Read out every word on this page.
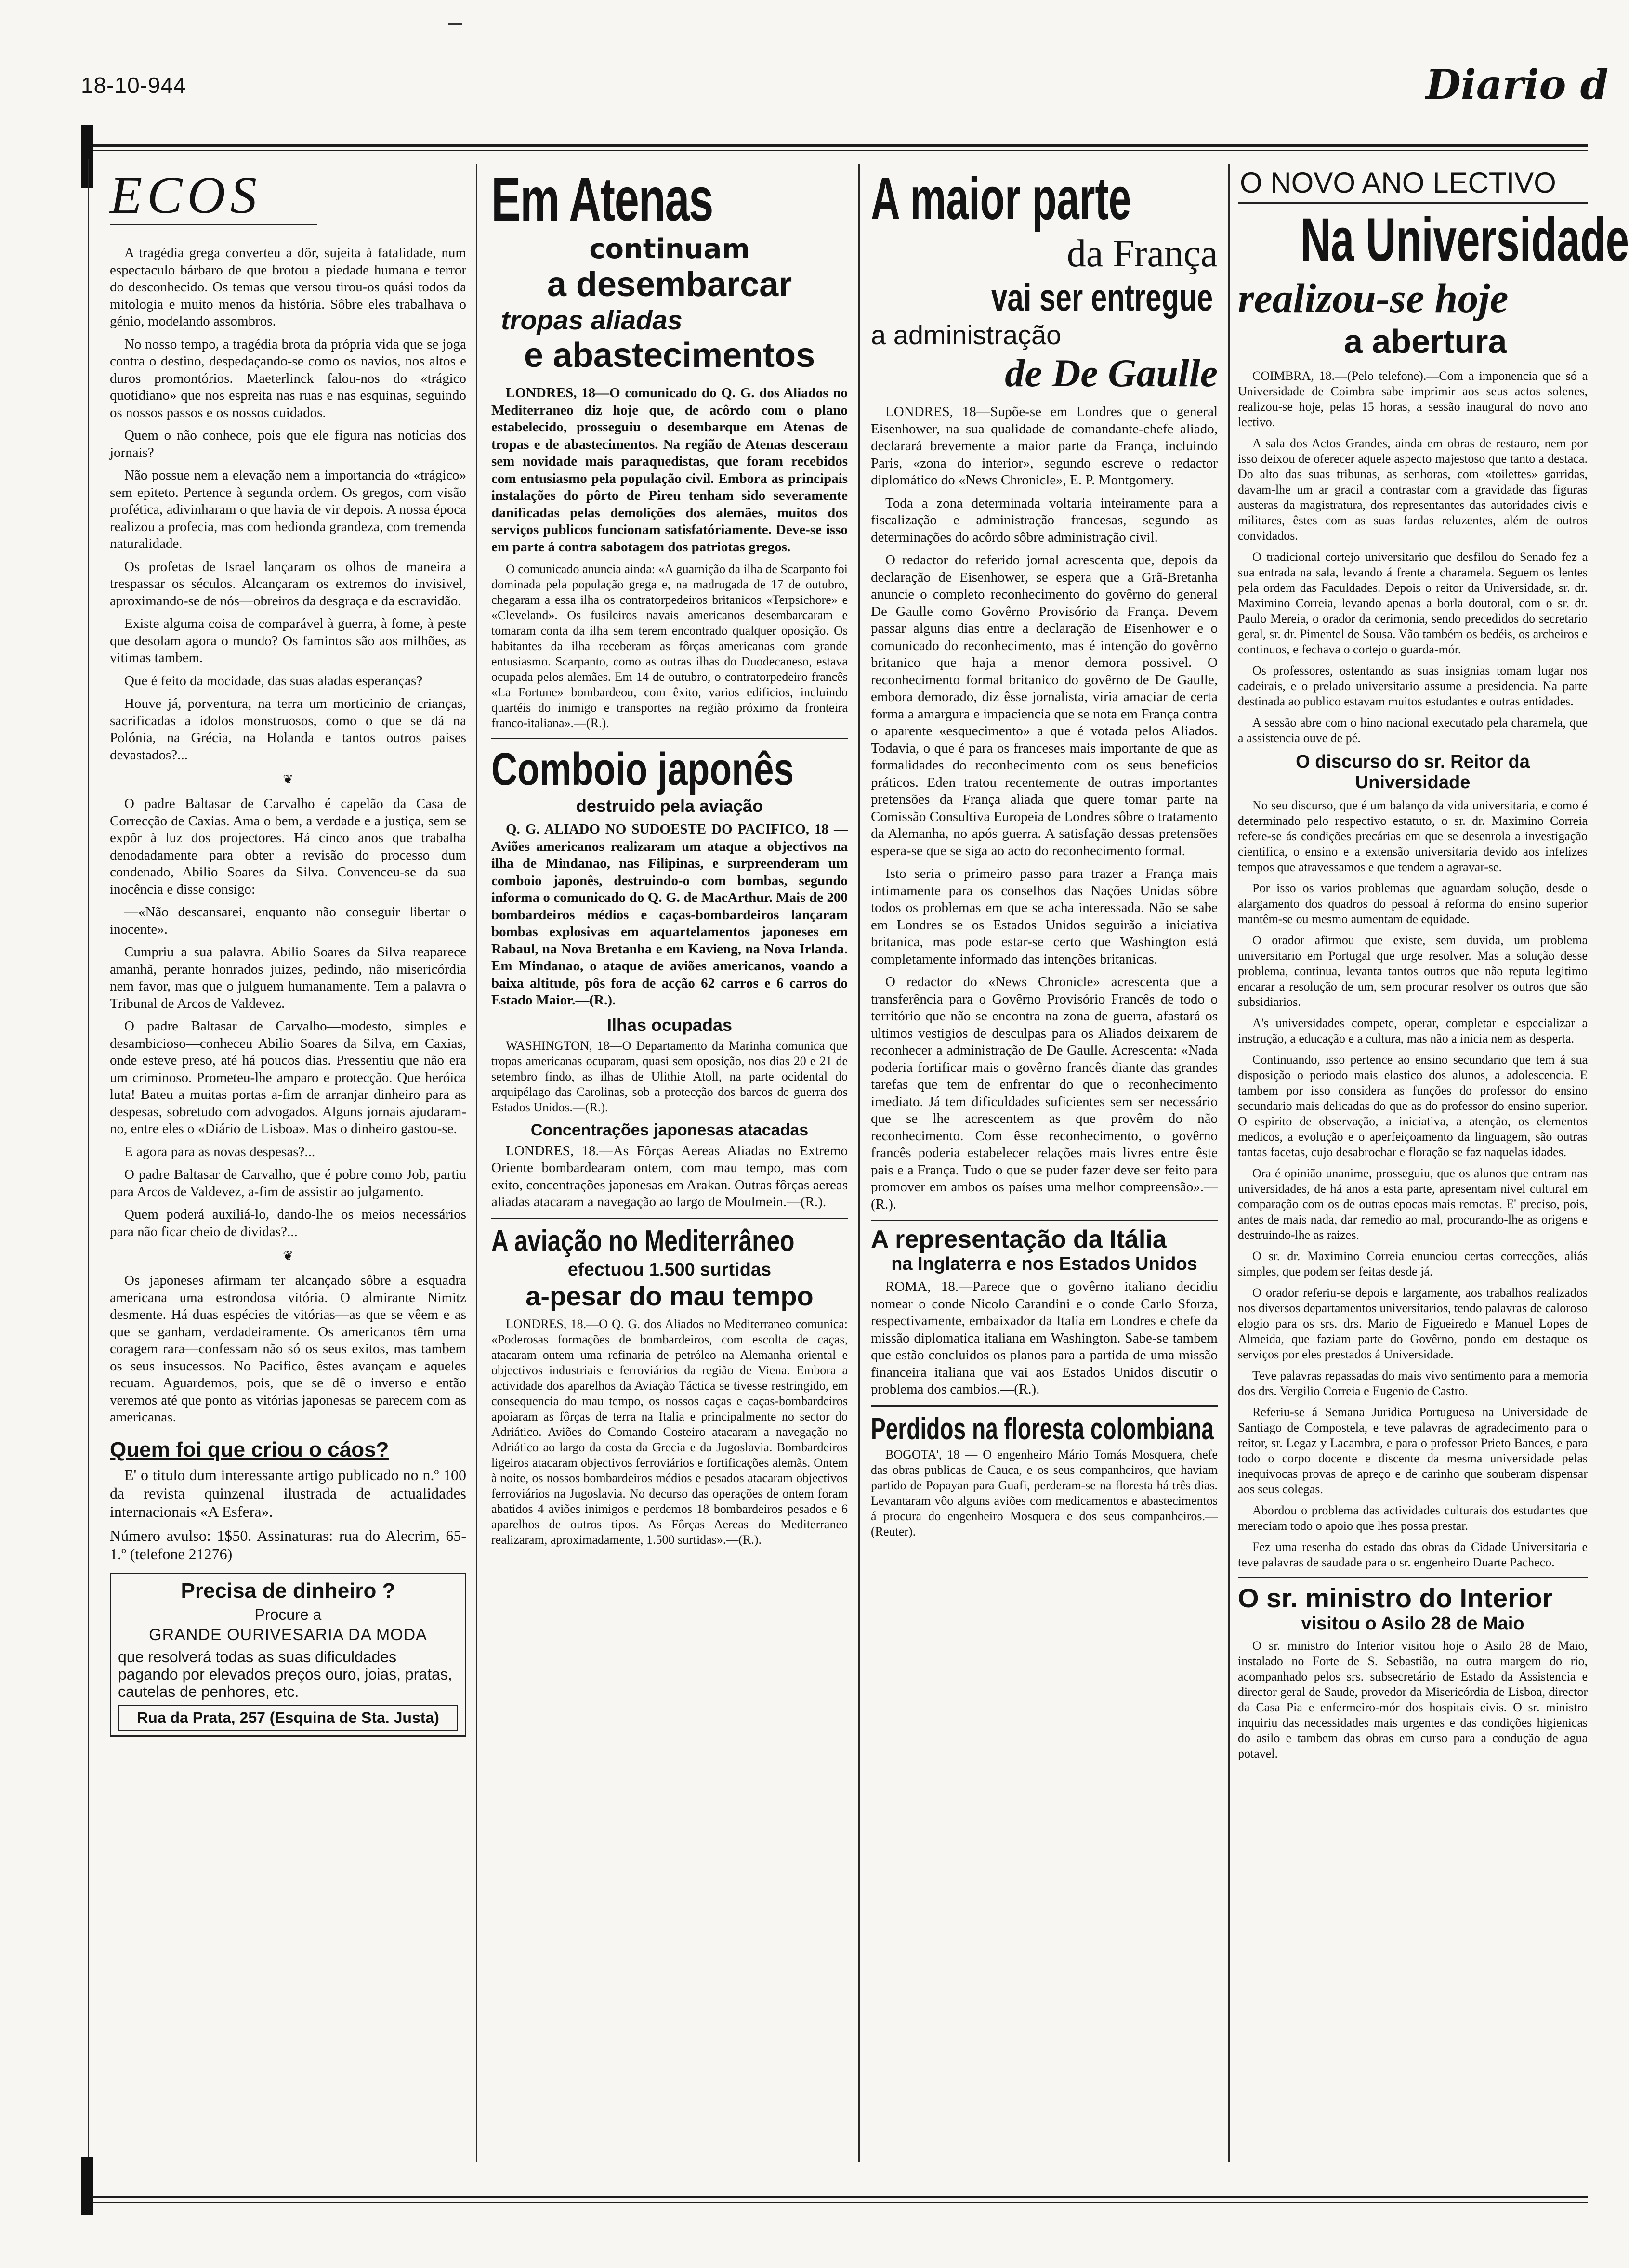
18-10-944	Diario d
ECOS

A tragédia grega converteu a dôr, sujeita à fatalidade, num espectaculo bárbaro de que brotou a piedade humana e terror do desconhecido. Os temas que versou tirou-os quási todos da mitologia e muito menos da história. Sôbre eles trabalhava o génio, modelando assombros.

No nosso tempo, a tragédia brota da própria vida que se joga contra o destino, despedaçando-se como os navios, nos altos e duros promontórios. Maeterlinck falou-nos do «trágico quotidiano» que nos espreita nas ruas e nas esquinas, seguindo os nossos passos e os nossos cuidados.

Quem o não conhece, pois que ele figura nas noticias dos jornais?

Não possue nem a elevação nem a importancia do «trágico» sem epiteto. Pertence à segunda ordem. Os gregos, com visão profética, adivinharam o que havia de vir depois. A nossa época realizou a profecia, mas com hedionda grandeza, com tremenda naturalidade.

Os profetas de Israel lançaram os olhos de maneira a trespassar os séculos. Alcançaram os extremos do invisivel, aproximando-se de nós—obreiros da desgraça e da escravidão.

Existe alguma coisa de comparável à guerra, à fome, à peste que desolam agora o mundo? Os famintos são aos milhões, as vitimas tambem.

Que é feito da mocidade, das suas aladas esperanças?

Houve já, porventura, na terra um morticinio de crianças, sacrificadas a idolos monstruosos, como o que se dá na Polónia, na Grécia, na Holanda e tantos outros paises devastados?...

❦

O padre Baltasar de Carvalho é capelão da Casa de Correcção de Caxias. Ama o bem, a verdade e a justiça, sem se expôr à luz dos projectores. Há cinco anos que trabalha denodadamente para obter a revisão do processo dum condenado, Abilio Soares da Silva. Convenceu-se da sua inocência e disse consigo:

—«Não descansarei, enquanto não conseguir libertar o inocente».

Cumpriu a sua palavra. Abilio Soares da Silva reaparece amanhã, perante honrados juizes, pedindo, não misericórdia nem favor, mas que o julguem humanamente. Tem a palavra o Tribunal de Arcos de Valdevez.

O padre Baltasar de Carvalho—modesto, simples e desambicioso—conheceu Abilio Soares da Silva, em Caxias, onde esteve preso, até há poucos dias. Pressentiu que não era um criminoso. Prometeu-lhe amparo e protecção. Que heróica luta! Bateu a muitas portas a-fim de arranjar dinheiro para as despesas, sobretudo com advogados. Alguns jornais ajudaram-no, entre eles o «Diário de Lisboa». Mas o dinheiro gastou-se.

E agora para as novas despesas?...

O padre Baltasar de Carvalho, que é pobre como Job, partiu para Arcos de Valdevez, a-fim de assistir ao julgamento.

Quem poderá auxiliá-lo, dando-lhe os meios necessários para não ficar cheio de dividas?...

❦

Os japoneses afirmam ter alcançado sôbre a esquadra americana uma estrondosa vitória. O almirante Nimitz desmente. Há duas espécies de vitórias—as que se vêem e as que se ganham, verdadeiramente. Os americanos têm uma coragem rara—confessam não só os seus exitos, mas tambem os seus insucessos. No Pacifico, êstes avançam e aqueles recuam. Aguardemos, pois, que se dê o inverso e então veremos até que ponto as vitórias japonesas se parecem com as americanas.

Quem foi que criou o cáos?

E' o titulo dum interessante artigo publicado no n.º 100 da revista quinzenal ilustrada de actualidades internacionais «A Esfera».

Número avulso: 1$50. Assinaturas: rua do Alecrim, 65-1.º (telefone 21276)

Precisa de dinheiro ?
Procure a
GRANDE OURIVESARIA DA MODA
que resolverá todas as suas dificuldades pagando por elevados preços ouro, joias, pratas, cautelas de penhores, etc.
Rua da Prata, 257 (Esquina de Sta. Justa)
Em Atenas
continuam
a desembarcar
tropas aliadas
e abastecimentos

LONDRES, 18—O comunicado do Q. G. dos Aliados no Mediterraneo diz hoje que, de acôrdo com o plano estabelecido, prosseguiu o desembarque em Atenas de tropas e de abastecimentos. Na região de Atenas desceram sem novidade mais paraquedistas, que foram recebidos com entusiasmo pela população civil. Embora as principais instalações do pôrto de Pireu tenham sido severamente danificadas pelas demolições dos alemães, muitos dos serviços publicos funcionam satisfatóriamente. Deve-se isso em parte á contra sabotagem dos patriotas gregos.

O comunicado anuncia ainda: «A guarnição da ilha de Scarpanto foi dominada pela população grega e, na madrugada de 17 de outubro, chegaram a essa ilha os contratorpedeiros britanicos «Terpsichore» e «Cleveland». Os fusileiros navais americanos desembarcaram e tomaram conta da ilha sem terem encontrado qualquer oposição. Os habitantes da ilha receberam as fôrças americanas com grande entusiasmo. Scarpanto, como as outras ilhas do Duodecaneso, estava ocupada pelos alemães. Em 14 de outubro, o contratorpedeiro francês «La Fortune» bombardeou, com êxito, varios edificios, incluindo quartéis do inimigo e transportes na região próximo da fronteira franco-italiana».—(R.).

Comboio japonês
destruido pela aviação

Q. G. ALIADO NO SUDOESTE DO PACIFICO, 18 — Aviões americanos realizaram um ataque a objectivos na ilha de Mindanao, nas Filipinas, e surpreenderam um comboio japonês, destruindo-o com bombas, segundo informa o comunicado do Q. G. de MacArthur. Mais de 200 bombardeiros médios e caças-bombardeiros lançaram bombas explosivas em aquartelamentos japoneses em Rabaul, na Nova Bretanha e em Kavieng, na Nova Irlanda. Em Mindanao, o ataque de aviões americanos, voando a baixa altitude, pôs fora de acção 62 carros e 6 carros do Estado Maior.—(R.).

Ilhas ocupadas

WASHINGTON, 18—O Departamento da Marinha comunica que tropas americanas ocuparam, quasi sem oposição, nos dias 20 e 21 de setembro findo, as ilhas de Ulithie Atoll, na parte ocidental do arquipélago das Carolinas, sob a protecção dos barcos de guerra dos Estados Unidos.—(R.).

Concentrações japonesas atacadas

LONDRES, 18.—As Fôrças Aereas Aliadas no Extremo Oriente bombardearam ontem, com mau tempo, mas com exito, concentrações japonesas em Arakan. Outras fôrças aereas aliadas atacaram a navegação ao largo de Moulmein.—(R.).

A aviação no Mediterrâneo
efectuou 1.500 surtidas
a-pesar do mau tempo

LONDRES, 18.—O Q. G. dos Aliados no Mediterraneo comunica: «Poderosas formações de bombardeiros, com escolta de caças, atacaram ontem uma refinaria de petróleo na Alemanha oriental e objectivos industriais e ferroviários da região de Viena. Embora a actividade dos aparelhos da Aviação Táctica se tivesse restringido, em consequencia do mau tempo, os nossos caças e caças-bombardeiros apoiaram as fôrças de terra na Italia e principalmente no sector do Adriático. Aviões do Comando Costeiro atacaram a navegação no Adriático ao largo da costa da Grecia e da Jugoslavia. Bombardeiros ligeiros atacaram objectivos ferroviários e fortificações alemãs. Ontem à noite, os nossos bombardeiros médios e pesados atacaram objectivos ferroviários na Jugoslavia. No decurso das operações de ontem foram abatidos 4 aviões inimigos e perdemos 18 bombardeiros pesados e 6 aparelhos de outros tipos. As Fôrças Aereas do Mediterraneo realizaram, aproximadamente, 1.500 surtidas».—(R.).

A maior parte
da França
vai ser entregue
a administração
de De Gaulle

LONDRES, 18—Supõe-se em Londres que o general Eisenhower, na sua qualidade de comandante-chefe aliado, declarará brevemente a maior parte da França, incluindo Paris, «zona do interior», segundo escreve o redactor diplomático do «News Chronicle», E. P. Montgomery.

Toda a zona determinada voltaria inteiramente para a fiscalização e administração francesas, segundo as determinações do acôrdo sôbre administração civil.

O redactor do referido jornal acrescenta que, depois da declaração de Eisenhower, se espera que a Grã-Bretanha anuncie o completo reconhecimento do govêrno do general De Gaulle como Govêrno Provisório da França. Devem passar alguns dias entre a declaração de Eisenhower e o comunicado do reconhecimento, mas é intenção do govêrno britanico que haja a menor demora possivel. O reconhecimento formal britanico do govêrno de De Gaulle, embora demorado, diz êsse jornalista, viria amaciar de certa forma a amargura e impaciencia que se nota em França contra o aparente «esquecimento» a que é votada pelos Aliados. Todavia, o que é para os franceses mais importante de que as formalidades do reconhecimento com os seus beneficios práticos. Eden tratou recentemente de outras importantes pretensões da França aliada que quere tomar parte na Comissão Consultiva Europeia de Londres sôbre o tratamento da Alemanha, no após guerra. A satisfação dessas pretensões espera-se que se siga ao acto do reconhecimento formal.

Isto seria o primeiro passo para trazer a França mais intimamente para os conselhos das Nações Unidas sôbre todos os problemas em que se acha interessada. Não se sabe em Londres se os Estados Unidos seguirão a iniciativa britanica, mas pode estar-se certo que Washington está completamente informado das intenções britanicas.

O redactor do «News Chronicle» acrescenta que a transferência para o Govêrno Provisório Francês de todo o território que não se encontra na zona de guerra, afastará os ultimos vestigios de desculpas para os Aliados deixarem de reconhecer a administração de De Gaulle. Acrescenta: «Nada poderia fortificar mais o govêrno francês diante das grandes tarefas que tem de enfrentar do que o reconhecimento imediato. Já tem dificuldades suficientes sem ser necessário que se lhe acrescentem as que provêm do não reconhecimento. Com êsse reconhecimento, o govêrno francês poderia estabelecer relações mais livres entre êste pais e a França. Tudo o que se puder fazer deve ser feito para promover em ambos os países uma melhor compreensão».—(R.).

A representação da Itália
na Inglaterra e nos Estados Unidos

ROMA, 18.—Parece que o govêrno italiano decidiu nomear o conde Nicolo Carandini e o conde Carlo Sforza, respectivamente, embaixador da Italia em Londres e chefe da missão diplomatica italiana em Washington. Sabe-se tambem que estão concluidos os planos para a partida de uma missão financeira italiana que vai aos Estados Unidos discutir o problema dos cambios.—(R.).

Perdidos na floresta colombiana

BOGOTA', 18 — O engenheiro Mário Tomás Mosquera, chefe das obras publicas de Cauca, e os seus companheiros, que haviam partido de Popayan para Guafi, perderam-se na floresta há três dias. Levantaram vôo alguns aviões com medicamentos e abastecimentos á procura do engenheiro Mosquera e dos seus companheiros.—(Reuter).

O NOVO ANO LECTIVO
Na Universidade
realizou-se hoje
a abertura

COIMBRA, 18.—(Pelo telefone).—Com a imponencia que só a Universidade de Coimbra sabe imprimir aos seus actos solenes, realizou-se hoje, pelas 15 horas, a sessão inaugural do novo ano lectivo.

A sala dos Actos Grandes, ainda em obras de restauro, nem por isso deixou de oferecer aquele aspecto majestoso que tanto a destaca. Do alto das suas tribunas, as senhoras, com «toilettes» garridas, davam-lhe um ar gracil a contrastar com a gravidade das figuras austeras da magistratura, dos representantes das autoridades civis e militares, êstes com as suas fardas reluzentes, além de outros convidados.

O tradicional cortejo universitario que desfilou do Senado fez a sua entrada na sala, levando á frente a charamela. Seguem os lentes pela ordem das Faculdades. Depois o reitor da Universidade, sr. dr. Maximino Correia, levando apenas a borla doutoral, com o sr. dr. Paulo Mereia, o orador da cerimonia, sendo precedidos do secretario geral, sr. dr. Pimentel de Sousa. Vão também os bedéis, os archeiros e continuos, e fechava o cortejo o guarda-mór.

Os professores, ostentando as suas insignias tomam lugar nos cadeirais, e o prelado universitario assume a presidencia. Na parte destinada ao publico estavam muitos estudantes e outras entidades.

A sessão abre com o hino nacional executado pela charamela, que a assistencia ouve de pé.

O discurso do sr. Reitor da Universidade

No seu discurso, que é um balanço da vida universitaria, e como é determinado pelo respectivo estatuto, o sr. dr. Maximino Correia refere-se ás condições precárias em que se desenrola a investigação cientifica, o ensino e a extensão universitaria devido aos infelizes tempos que atravessamos e que tendem a agravar-se.

Por isso os varios problemas que aguardam solução, desde o alargamento dos quadros do pessoal á reforma do ensino superior mantêm-se ou mesmo aumentam de equidade.

O orador afirmou que existe, sem duvida, um problema universitario em Portugal que urge resolver. Mas a solução desse problema, continua, levanta tantos outros que não reputa legitimo encarar a resolução de um, sem procurar resolver os outros que são subsidiarios.

A's universidades compete, operar, completar e especializar a instrução, a educação e a cultura, mas não a inicia nem as desperta.

Continuando, isso pertence ao ensino secundario que tem á sua disposição o periodo mais elastico dos alunos, a adolescencia. E tambem por isso considera as funções do professor do ensino secundario mais delicadas do que as do professor do ensino superior. O espirito de observação, a iniciativa, a atenção, os elementos medicos, a evolução e o aperfeiçoamento da linguagem, são outras tantas facetas, cujo desabrochar e floração se faz naquelas idades.

Ora é opinião unanime, prosseguiu, que os alunos que entram nas universidades, de há anos a esta parte, apresentam nivel cultural em comparação com os de outras epocas mais remotas. E' preciso, pois, antes de mais nada, dar remedio ao mal, procurando-lhe as origens e destruindo-lhe as raizes.

O sr. dr. Maximino Correia enunciou certas correcções, aliás simples, que podem ser feitas desde já.

O orador referiu-se depois e largamente, aos trabalhos realizados nos diversos departamentos universitarios, tendo palavras de caloroso elogio para os srs. drs. Mario de Figueiredo e Manuel Lopes de Almeida, que faziam parte do Govêrno, pondo em destaque os serviços por eles prestados á Universidade.

Teve palavras repassadas do mais vivo sentimento para a memoria dos drs. Vergilio Correia e Eugenio de Castro.

Referiu-se á Semana Juridica Portuguesa na Universidade de Santiago de Compostela, e teve palavras de agradecimento para o reitor, sr. Legaz y Lacambra, e para o professor Prieto Bances, e para todo o corpo docente e discente da mesma universidade pelas inequivocas provas de apreço e de carinho que souberam dispensar aos seus colegas.

Abordou o problema das actividades culturais dos estudantes que mereciam todo o apoio que lhes possa prestar.

Fez uma resenha do estado das obras da Cidade Universitaria e teve palavras de saudade para o sr. engenheiro Duarte Pacheco.

O sr. ministro do Interior
visitou o Asilo 28 de Maio

O sr. ministro do Interior visitou hoje o Asilo 28 de Maio, instalado no Forte de S. Sebastião, na outra margem do rio, acompanhado pelos srs. subsecretário de Estado da Assistencia e director geral de Saude, provedor da Misericórdia de Lisboa, director da Casa Pia e enfermeiro-mór dos hospitais civis. O sr. ministro inquiriu das necessidades mais urgentes e das condições higienicas do asilo e tambem das obras em curso para a condução de agua potavel.
